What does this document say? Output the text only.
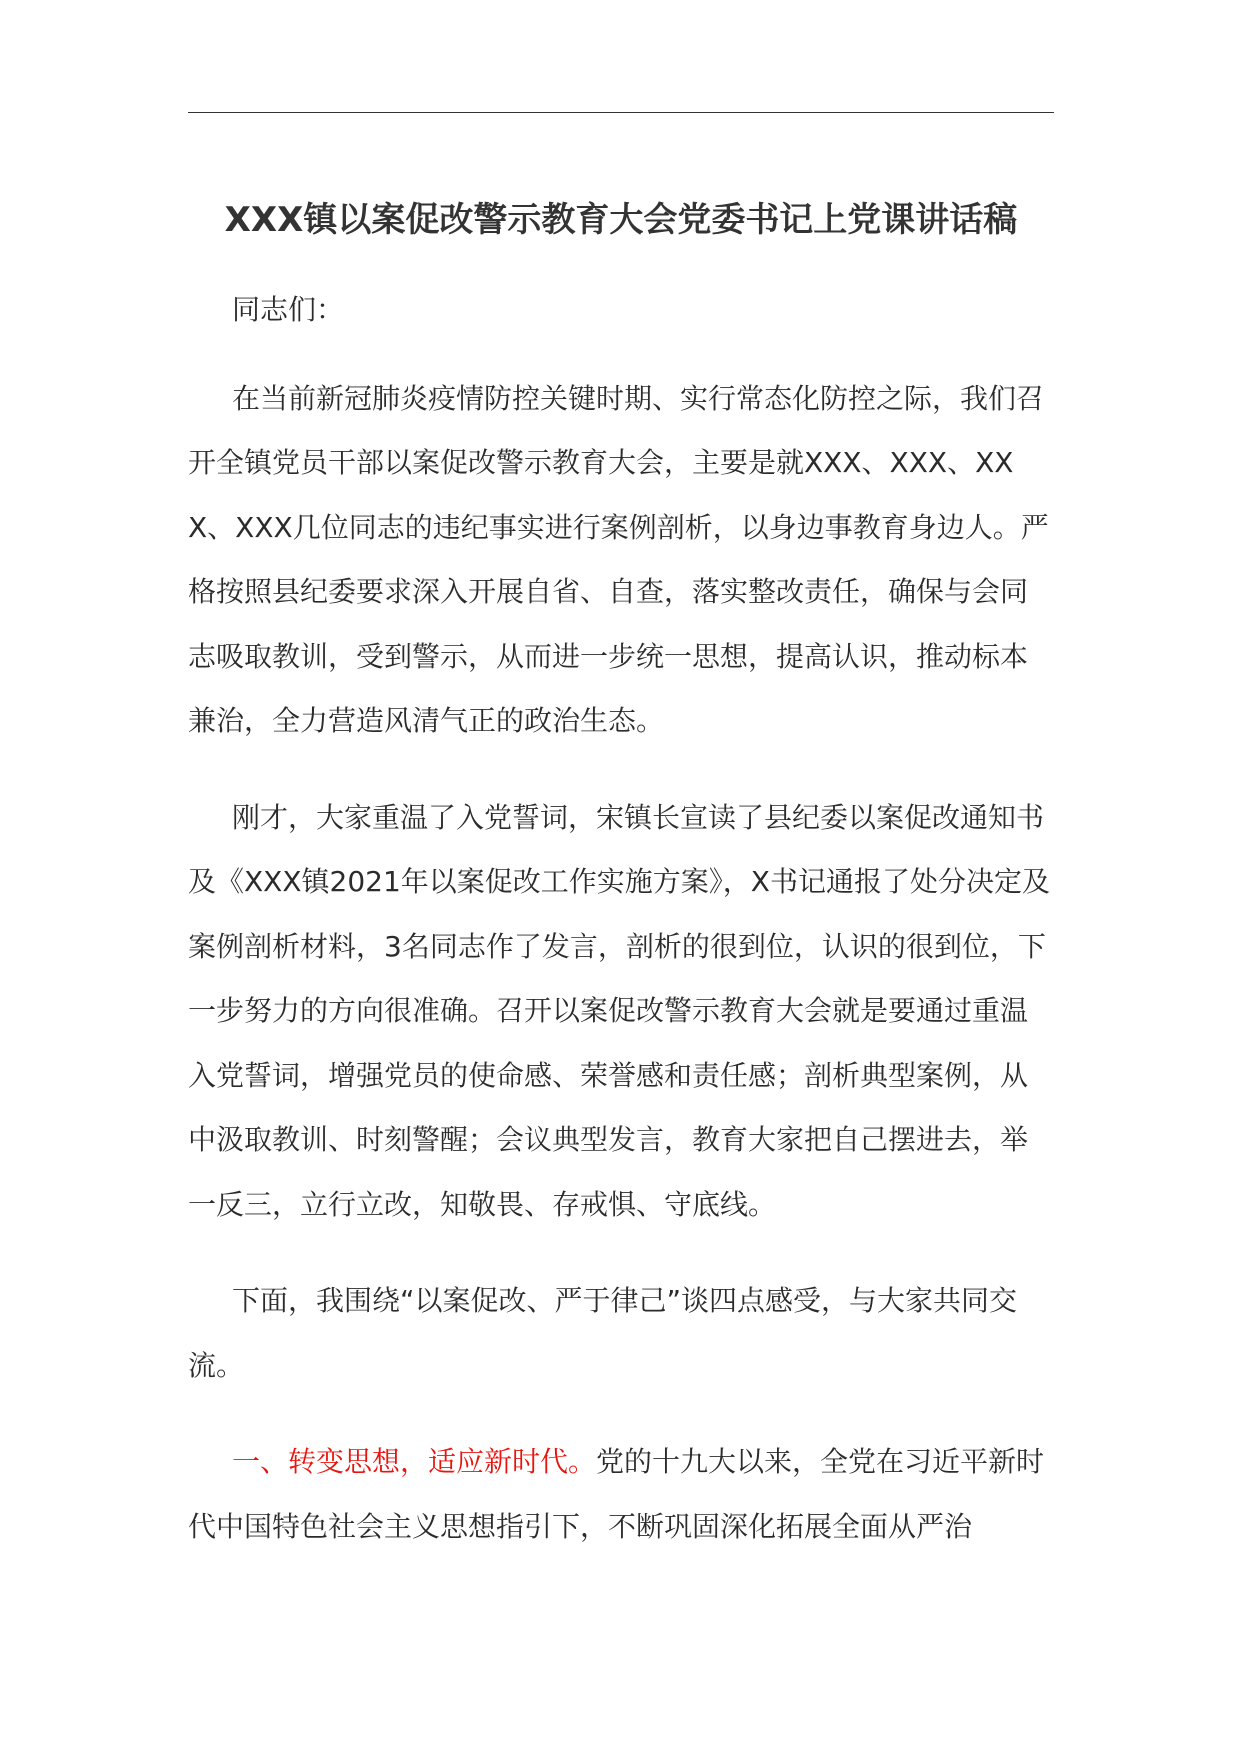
XXX镇以案促改警示教育大会党委书记上党课讲话稿

同志们：

在当前新冠肺炎疫情防控关键时期、实行常态化防控之际，我们召开全镇党员干部以案促改警示教育大会，主要是就XXX、XXX、XXX、XXX几位同志的违纪事实进行案例剖析，以身边事教育身边人。严格按照县纪委要求深入开展自省、自查，落实整改责任，确保与会同志吸取教训，受到警示，从而进一步统一思想，提高认识，推动标本兼治，全力营造风清气正的政治生态。

刚才，大家重温了入党誓词，宋镇长宣读了县纪委以案促改通知书及《XXX镇2021年以案促改工作实施方案》，X书记通报了处分决定及案例剖析材料，3名同志作了发言，剖析的很到位，认识的很到位，下一步努力的方向很准确。召开以案促改警示教育大会就是要通过重温入党誓词，增强党员的使命感、荣誉感和责任感；剖析典型案例，从中汲取教训、时刻警醒；会议典型发言，教育大家把自己摆进去，举一反三，立行立改，知敬畏、存戒惧、守底线。

下面，我围绕“以案促改、严于律己”谈四点感受，与大家共同交流。

一、转变思想，适应新时代。党的十九大以来，全党在习近平新时代中国特色社会主义思想指引下，不断巩固深化拓展全面从严治
